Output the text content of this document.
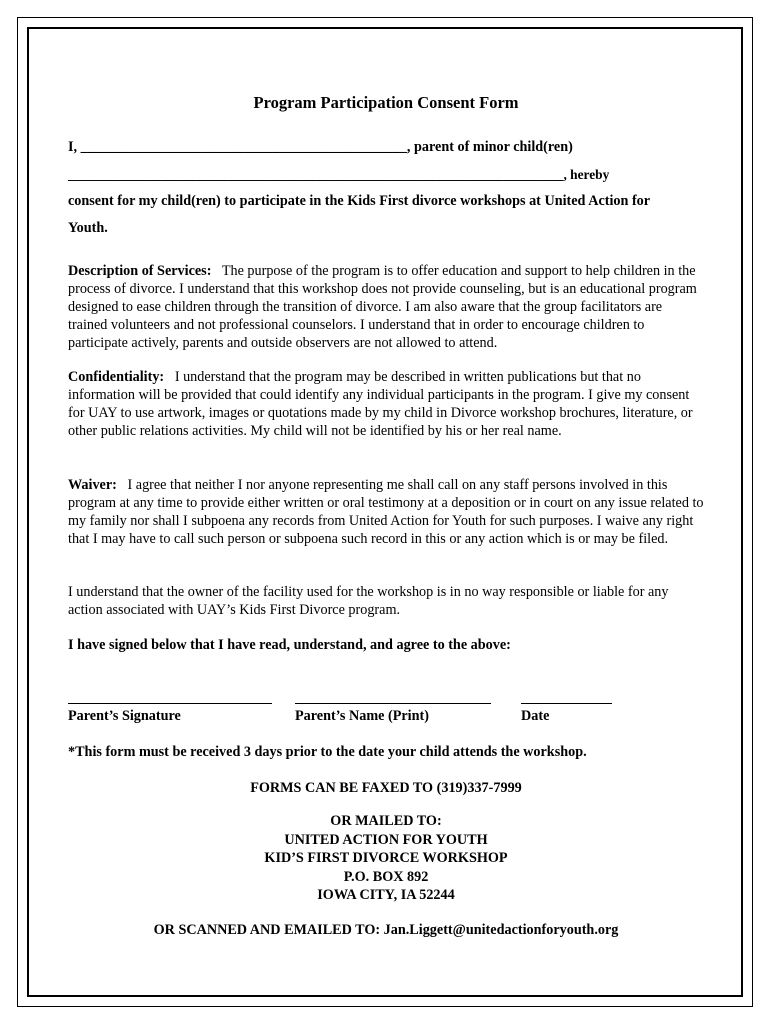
Program Participation Consent Form
I, ______________________________________________, parent of minor child(ren)
__________________________________________________________________________, hereby
consent for my child(ren) to participate in the Kids First divorce workshops at United Action for
Youth.
Description of Services: The purpose of the program is to offer education and support to help children in the process of divorce. I understand that this workshop does not provide counseling, but is an educational program designed to ease children through the transition of divorce. I am also aware that the group facilitators are trained volunteers and not professional counselors. I understand that in order to encourage children to participate actively, parents and outside observers are not allowed to attend.
Confidentiality: I understand that the program may be described in written publications but that no information will be provided that could identify any individual participants in the program. I give my consent for UAY to use artwork, images or quotations made by my child in Divorce workshop brochures, literature, or other public relations activities. My child will not be identified by his or her real name.
Waiver: I agree that neither I nor anyone representing me shall call on any staff persons involved in this program at any time to provide either written or oral testimony at a deposition or in court on any issue related to my family nor shall I subpoena any records from United Action for Youth for such purposes. I waive any right that I may have to call such person or subpoena such record in this or any action which is or may be filed.
I understand that the owner of the facility used for the workshop is in no way responsible or liable for any action associated with UAY’s Kids First Divorce program.
I have signed below that I have read, understand, and agree to the above:
Parent’s Signature	Parent’s Name (Print)	Date
*This form must be received 3 days prior to the date your child attends the workshop.
FORMS CAN BE FAXED TO (319)337-7999
OR MAILED TO:
UNITED ACTION FOR YOUTH
KID’S FIRST DIVORCE WORKSHOP
P.O. BOX 892
IOWA CITY, IA 52244
OR SCANNED AND EMAILED TO: Jan.Liggett@unitedactionforyouth.org
